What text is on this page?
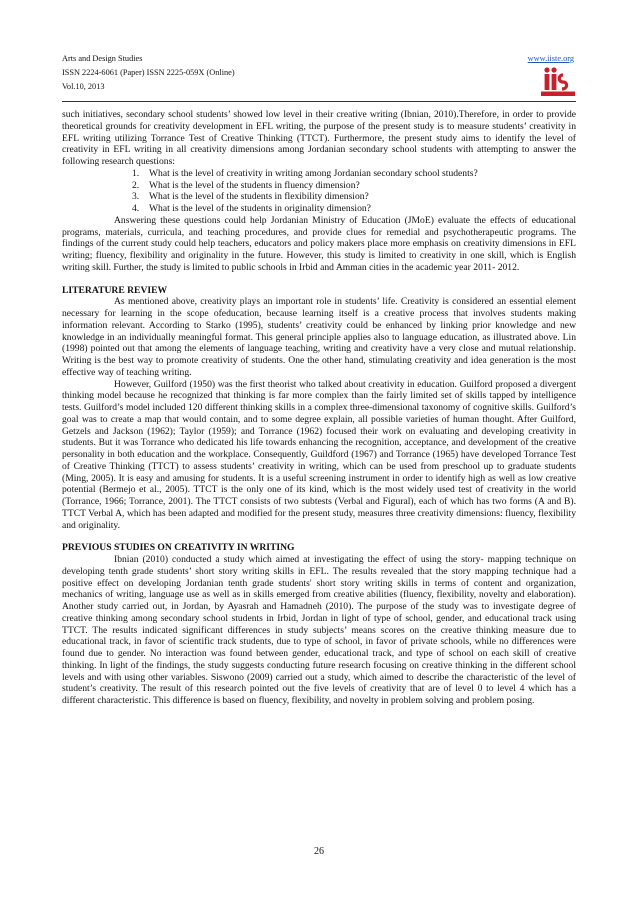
Arts and Design Studies
ISSN 2224-6061 (Paper) ISSN 2225-059X (Online)
Vol.10, 2013
www.iiste.org

such initiatives, secondary school students’ showed low level in their creative writing (Ibnian, 2010).Therefore, in order to provide theoretical grounds for creativity development in EFL writing, the purpose of the present study is to measure students’ creativity in EFL writing utilizing Torrance Test of Creative Thinking (TTCT). Furthermore, the present study aims to identify the level of creativity in EFL writing in all creativity dimensions among Jordanian secondary school students with attempting to answer the following research questions:

1. What is the level of creativity in writing among Jordanian secondary school students?

2. What is the level of the students in fluency dimension?

3. What is the level of the students in flexibility dimension?

4. What is the level of the students in originality dimension?

Answering these questions could help Jordanian Ministry of Education (JMoE) evaluate the effects of educational programs, materials, curricula, and teaching procedures, and provide clues for remedial and psychotherapeutic programs. The findings of the current study could help teachers, educators and policy makers place more emphasis on creativity dimensions in EFL writing; fluency, flexibility and originality in the future. However, this study is limited to creativity in one skill, which is English writing skill. Further, the study is limited to public schools in Irbid and Amman cities in the academic year 2011- 2012.

LITERATURE REVIEW

As mentioned above, creativity plays an important role in students’ life. Creativity is considered an essential element necessary for learning in the scope ofeducation, because learning itself is a creative process that involves students making information relevant. According to Starko (1995), students’ creativity could be enhanced by linking prior knowledge and new knowledge in an individually meaningful format. This general principle applies also to language education, as illustrated above. Lin (1998) pointed out that among the elements of language teaching, writing and creativity have a very close and mutual relationship. Writing is the best way to promote creativity of students. One the other hand, stimulating creativity and idea generation is the most effective way of teaching writing.

However, Guilford (1950) was the first theorist who talked about creativity in education. Guilford proposed a divergent thinking model because he recognized that thinking is far more complex than the fairly limited set of skills tapped by intelligence tests. Guilford’s model included 120 different thinking skills in a complex three-dimensional taxonomy of cognitive skills. Guilford’s goal was to create a map that would contain, and to some degree explain, all possible varieties of human thought. After Guilford, Getzels and Jackson (1962); Taylor (1959); and Torrance (1962) focused their work on evaluating and developing creativity in students. But it was Torrance who dedicated his life towards enhancing the recognition, acceptance, and development of the creative personality in both education and the workplace. Consequently, Guildford (1967) and Torrance (1965) have developed Torrance Test of Creative Thinking (TTCT) to assess students’ creativity in writing, which can be used from preschool up to graduate students (Ming, 2005). It is easy and amusing for students. It is a useful screening instrument in order to identify high as well as low creative potential (Bermejo et al., 2005). TTCT is the only one of its kind, which is the most widely used test of creativity in the world (Torrance, 1966; Torrance, 2001). The TTCT consists of two subtests (Verbal and Figural), each of which has two forms (A and B). TTCT Verbal A, which has been adapted and modified for the present study, measures three creativity dimensions: fluency, flexibility and originality.

PREVIOUS STUDIES ON CREATIVITY IN WRITING

Ibnian (2010) conducted a study which aimed at investigating the effect of using the story- mapping technique on developing tenth grade students’ short story writing skills in EFL. The results revealed that the story mapping technique had a positive effect on developing Jordanian tenth grade students' short story writing skills in terms of content and organization, mechanics of writing, language use as well as in skills emerged from creative abilities (fluency, flexibility, novelty and elaboration). Another study carried out, in Jordan, by Ayasrah and Hamadneh (2010). The purpose of the study was to investigate degree of creative thinking among secondary school students in Irbid, Jordan in light of type of school, gender, and educational track using TTCT. The results indicated significant differences in study subjects’ means scores on the creative thinking measure due to educational track, in favor of scientific track students, due to type of school, in favor of private schools, while no differences were found due to gender. No interaction was found between gender, educational track, and type of school on each skill of creative thinking. In light of the findings, the study suggests conducting future research focusing on creative thinking in the different school levels and with using other variables. Siswono (2009) carried out a study, which aimed to describe the characteristic of the level of student’s creativity. The result of this research pointed out the five levels of creativity that are of level 0 to level 4 which has a different characteristic. This difference is based on fluency, flexibility, and novelty in problem solving and problem posing.

26
